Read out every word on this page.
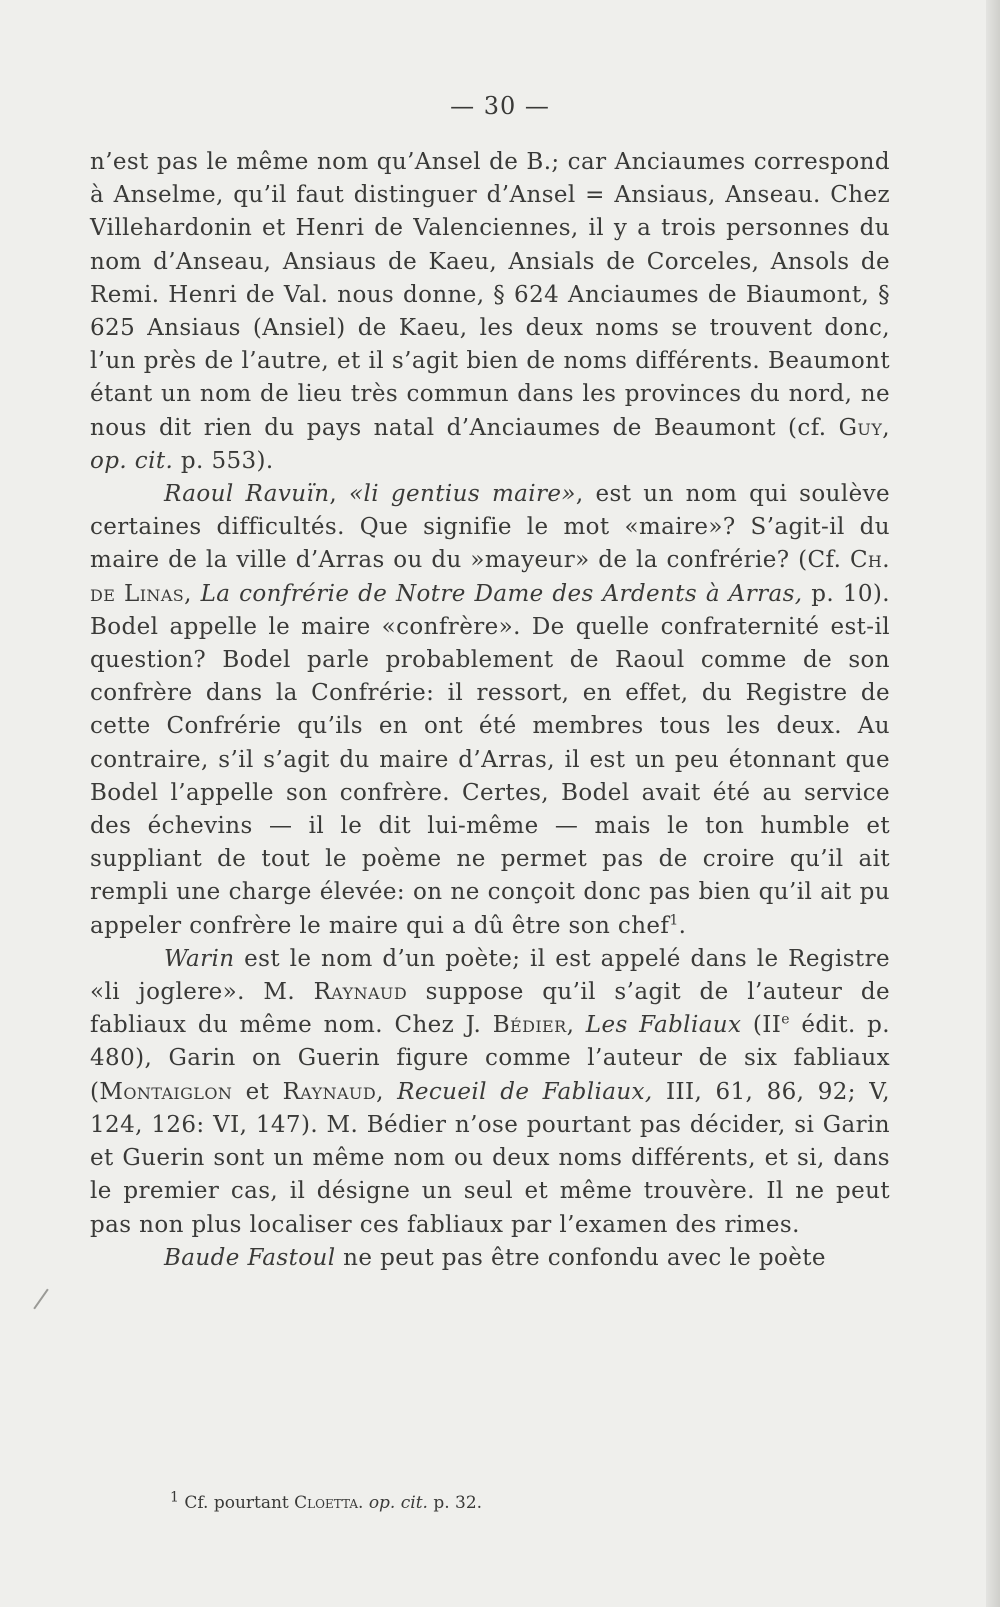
— 30 —

n’est pas le même nom qu’Ansel de B.; car Anciaumes correspond à Anselme, qu’il faut distinguer d’Ansel = Ansiaus, Anseau. Chez Villehardonin et Henri de Valenciennes, il y a trois personnes du nom d’Anseau, Ansiaus de Kaeu, Ansials de Corceles, Ansols de Remi. Henri de Val. nous donne, § 624 Anciaumes de Biaumont, § 625 Ansiaus (Ansiel) de Kaeu, les deux noms se trouvent donc, l’un près de l’autre, et il s’agit bien de noms différents. Beaumont étant un nom de lieu très commun dans les provinces du nord, ne nous dit rien du pays natal d’Anciaumes de Beaumont (cf. Guy, op. cit. p. 553).

Raoul Ravuïn, «li gentius maire», est un nom qui soulève certaines difficultés. Que signifie le mot «maire»? S’agit-il du maire de la ville d’Arras ou du »mayeur» de la confrérie? (Cf. Ch. de Linas, La confrérie de Notre Dame des Ardents à Arras, p. 10). Bodel appelle le maire «confrère». De quelle confraternité est-il question? Bodel parle probablement de Raoul comme de son confrère dans la Confrérie: il ressort, en effet, du Registre de cette Confrérie qu’ils en ont été membres tous les deux. Au contraire, s’il s’agit du maire d’Arras, il est un peu étonnant que Bodel l’appelle son confrère. Certes, Bodel avait été au service des échevins — il le dit lui-même — mais le ton humble et suppliant de tout le poème ne permet pas de croire qu’il ait rempli une charge élevée: on ne conçoit donc pas bien qu’il ait pu appeler confrère le maire qui a dû être son chef$^1$.

Warin est le nom d’un poète; il est appelé dans le Registre «li joglere». M. Raynaud suppose qu’il s’agit de l’auteur de fabliaux du même nom. Chez J. Bédier, Les Fabliaux (IIe édit. p. 480), Garin on Guerin figure comme l’auteur de six fabliaux (Montaiglon et Raynaud, Recueil de Fabliaux, III, 61, 86, 92; V, 124, 126: VI, 147). M. Bédier n’ose pourtant pas décider, si Garin et Guerin sont un même nom ou deux noms différents, et si, dans le premier cas, il désigne un seul et même trouvère. Il ne peut pas non plus localiser ces fabliaux par l’examen des rimes.

Baude Fastoul ne peut pas être confondu avec le poète

$^1$ Cf. pourtant Cloetta. op. cit. p. 32.
